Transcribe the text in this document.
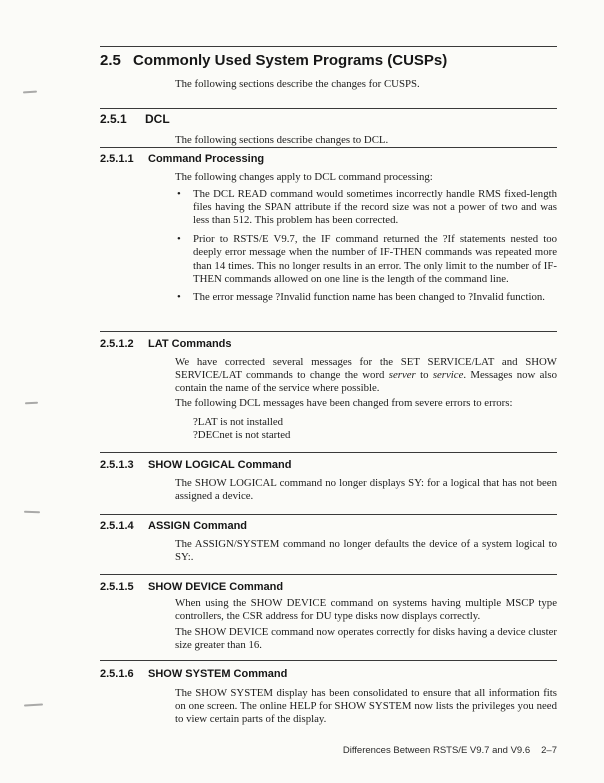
2.5 Commonly Used System Programs (CUSPs)

The following sections describe the changes for CUSPS.

2.5.1	DCL

The following sections describe changes to DCL.

2.5.1.1	Command Processing

The following changes apply to DCL command processing:

• The DCL READ command would sometimes incorrectly handle RMS fixed-length files having the SPAN attribute if the record size was not a power of two and was less than 512. This problem has been corrected.
• Prior to RSTS/E V9.7, the IF command returned the ?If statements nested too deeply error message when the number of IF-THEN commands was repeated more than 14 times. This no longer results in an error. The only limit to the number of IF-THEN commands allowed on one line is the length of the command line.
• The error message ?Invalid function name has been changed to ?Invalid function.
2.5.1.2	LAT Commands

We have corrected several messages for the SET SERVICE/LAT and SHOW SERVICE/LAT commands to change the word server to service. Messages now also contain the name of the service where possible.

The following DCL messages have been changed from severe errors to errors:

?LAT is not installed
?DECnet is not started
2.5.1.3	SHOW LOGICAL Command

The SHOW LOGICAL command no longer displays SY: for a logical that has not been assigned a device.

2.5.1.4	ASSIGN Command

The ASSIGN/SYSTEM command no longer defaults the device of a system logical to SY:.

2.5.1.5	SHOW DEVICE Command

When using the SHOW DEVICE command on systems having multiple MSCP type controllers, the CSR address for DU type disks now displays correctly.

The SHOW DEVICE command now operates correctly for disks having a device cluster size greater than 16.

2.5.1.6	SHOW SYSTEM Command

The SHOW SYSTEM display has been consolidated to ensure that all information fits on one screen. The online HELP for SHOW SYSTEM now lists the privileges you need to view certain parts of the display.

Differences Between RSTS/E V9.7 and V9.6 2–7
